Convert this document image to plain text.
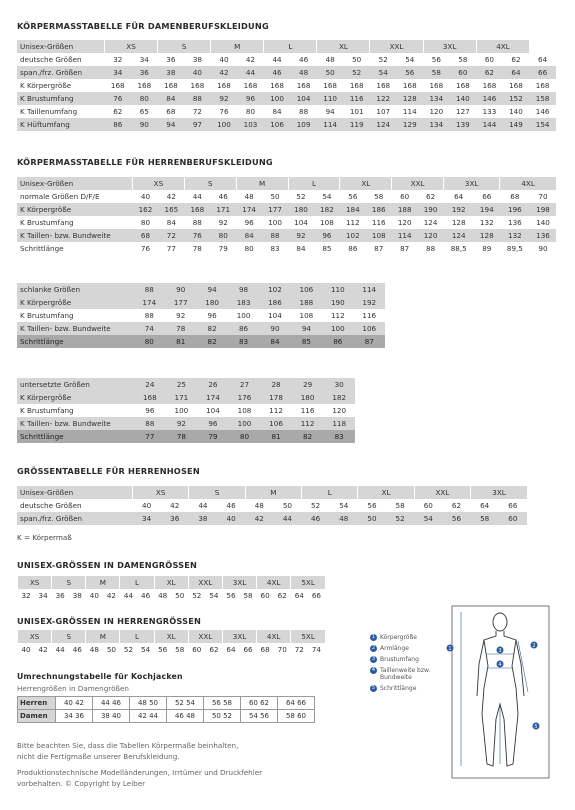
KÖRPERMASSTABELLE FÜR DAMENBERUFSKLEIDUNG
Unisex-Größen	XS		S		M		L		XL		XXL		3XL		4XL		
deutsche Größen	32	34	36	38	40	42	44	46	48	50	52	54	56	58	60	62	64
span./frz. Größen	34	36	38	40	42	44	46	48	50	52	54	56	58	60	62	64	66
K Körpergröße	168	168	168	168	168	168	168	168	168	168	168	168	168	168	168	168	168
K Brustumfang	76	80	84	88	92	96	100	104	110	116	122	128	134	140	146	152	158
K Taillenumfang	62	65	68	72	76	80	84	88	94	101	107	114	120	127	133	140	146
K Hüftumfang	86	90	94	97	100	103	106	109	114	119	124	129	134	139	144	149	154
KÖRPERMASSTABELLE FÜR HERRENBERUFSKLEIDUNG
Unisex-Größen	XS		S		M		L		XL		XXL		3XL		4XL	
normale Größen D/F/E	40	42	44	46	48	50	52	54	56	58	60	62	64	66	68	70
K Körpergröße	162	165	168	171	174	177	180	182	184	186	188	190	192	194	196	198
K Brustumfang	80	84	88	92	96	100	104	108	112	116	120	124	128	132	136	140
K Taillen- bzw. Bundweite	68	72	76	80	84	88	92	96	102	108	114	120	124	128	132	136
Schrittlänge	76	77	78	79	80	83	84	85	86	87	87	88	88,5	89	89,5	90
schlanke Größen	88	90	94	98	102	106	110	114
K Körpergröße	174	177	180	183	186	188	190	192
K Brustumfang	88	92	96	100	104	108	112	116
K Taillen- bzw. Bundweite	74	78	82	86	90	94	100	106
Schrittlänge	80	81	82	83	84	85	86	87
untersetzte Größen	24	25	26	27	28	29	30
K Körpergröße	168	171	174	176	178	180	182
K Brustumfang	96	100	104	108	112	116	120
K Taillen- bzw. Bundweite	88	92	96	100	106	112	118
Schrittlänge	77	78	79	80	81	82	83
GRÖSSENTABELLE FÜR HERRENHOSEN
Unisex-Größen	XS		S		M		L		XL		XXL		3XL	
deutsche Größen	40	42	44	46	48	50	52	54	56	58	60	62	64	66
span./frz. Größen	34	36	38	40	42	44	46	48	50	52	54	56	58	60
K = Körpermaß
UNISEX-GRÖSSEN IN DAMENGRÖSSEN
XS		S		M		L		XL		XXL		3XL		4XL		5XL	
32	34	36	38	40	42	44	46	48	50	52	54	56	58	60	62	64	66
UNISEX-GRÖSSEN IN HERRENGRÖSSEN
XS		S		M		L		XL		XXL		3XL		4XL		5XL	
40	42	44	46	48	50	52	54	56	58	60	62	64	66	68	70	72	74
Umrechnungstabelle für Kochjacken
Herrengrößen in Damengrößen
Herren	40 42	44 46	48 50	52 54	56 58	60 62	64 66
Damen	34 36	38 40	42 44	46 48	50 52	54 56	58 60
Bitte beachten Sie, dass die Tabellen Körpermaße beinhalten,
nicht die Fertigmaße unserer Berufskleidung.
Produktionstechnische Modelländerungen, Irrtümer und Druckfehler
vorbehalten. © Copyright by Leiber
1 Körpergröße
2 Armlänge
3 Brustumfang
4 Taillenweite bzw. Bundweite
5 Schrittlänge
1	2
3
4
5
